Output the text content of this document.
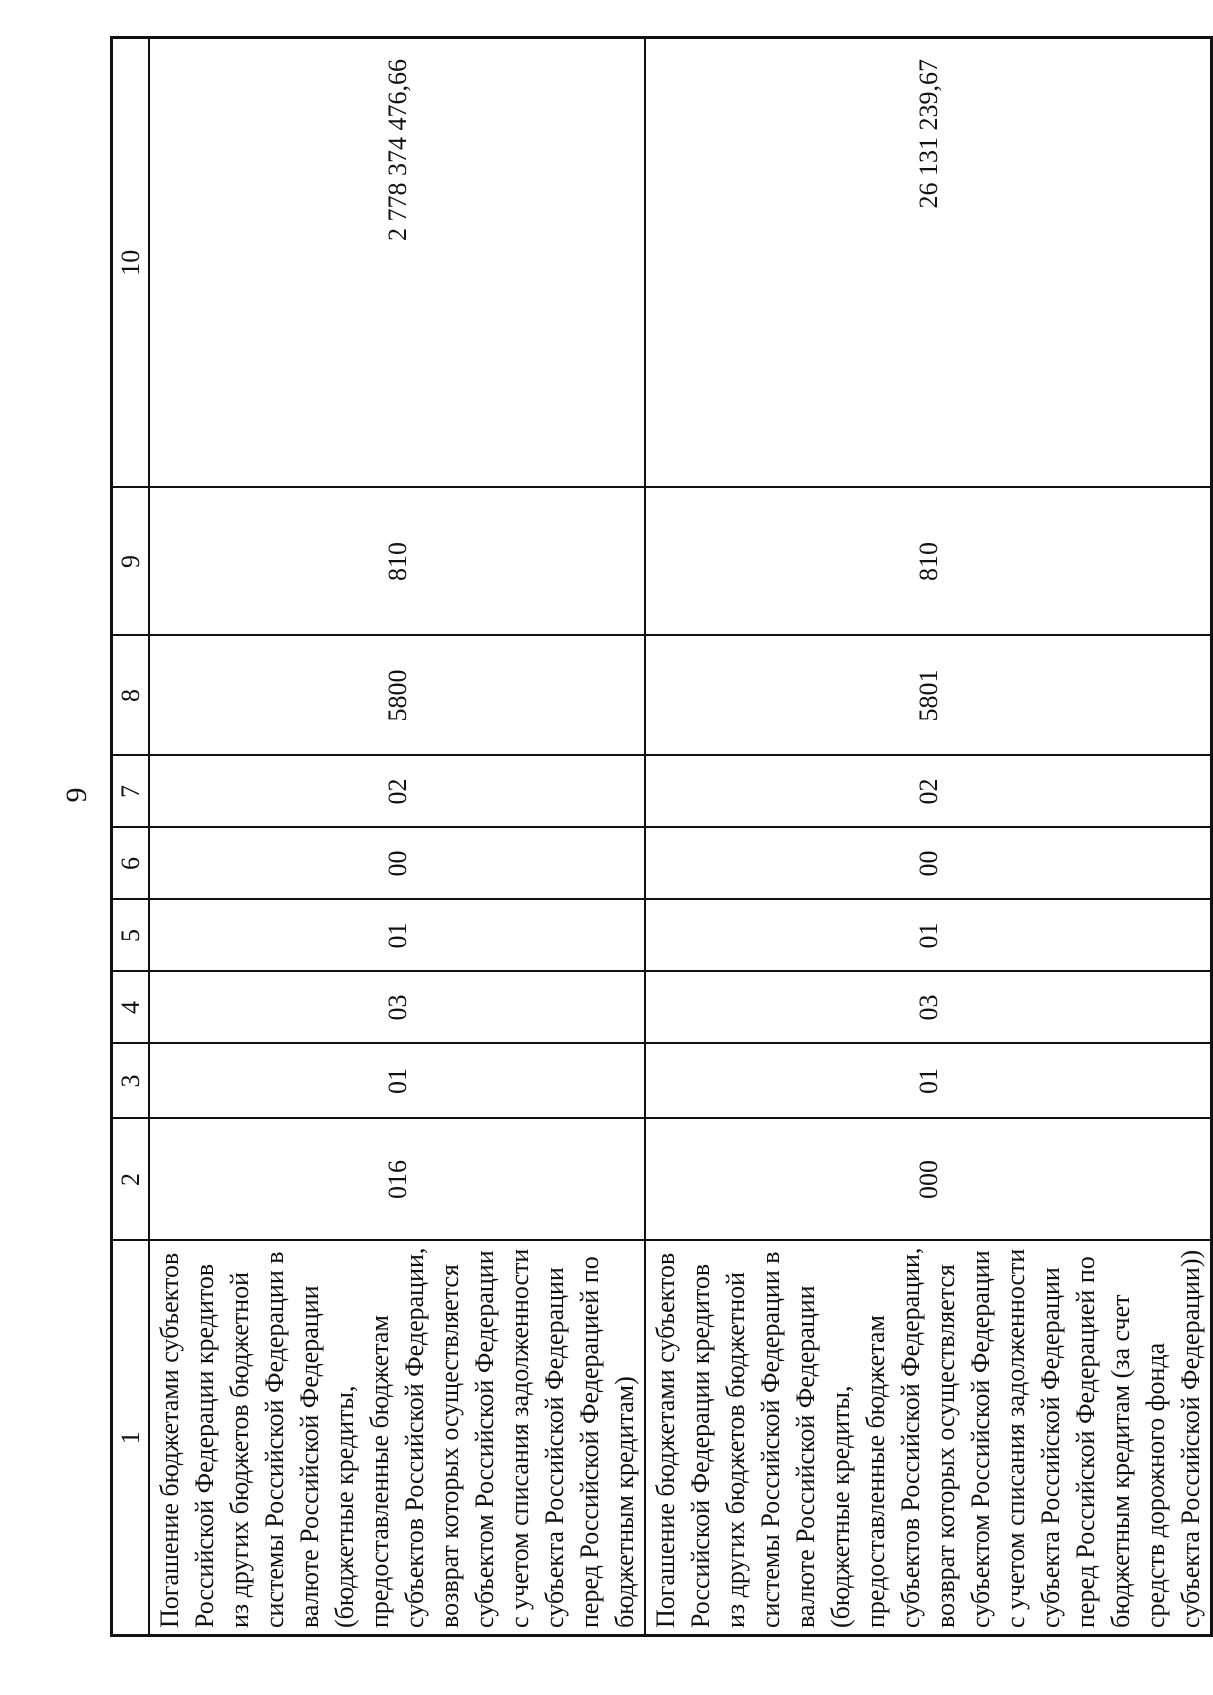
9
1	2	3	4	5	6	7	8	9	10
Погашение бюджетами субъектов Российской Федерации кредитов из других бюджетов бюджетной системы Российской Федерации в валюте Российской Федерации (бюджетные кредиты, предоставленные бюджетам субъектов Российской Федерации, возврат которых осуществляется субъектом Российской Федерации с учетом списания задолженности субъекта Российской Федерации перед Российской Федерацией по бюджетным кредитам)	016	01	03	01	00	02	5800	810	2 778 374 476,66
Погашение бюджетами субъектов Российской Федерации кредитов из других бюджетов бюджетной системы Российской Федерации в валюте Российской Федерации (бюджетные кредиты, предоставленные бюджетам субъектов Российской Федерации, возврат которых осуществляется субъектом Российской Федерации с учетом списания задолженности субъекта Российской Федерации перед Российской Федерацией по бюджетным кредитам (за счет средств дорожного фонда субъекта Российской Федерации))	000	01	03	01	00	02	5801	810	26 131 239,67
